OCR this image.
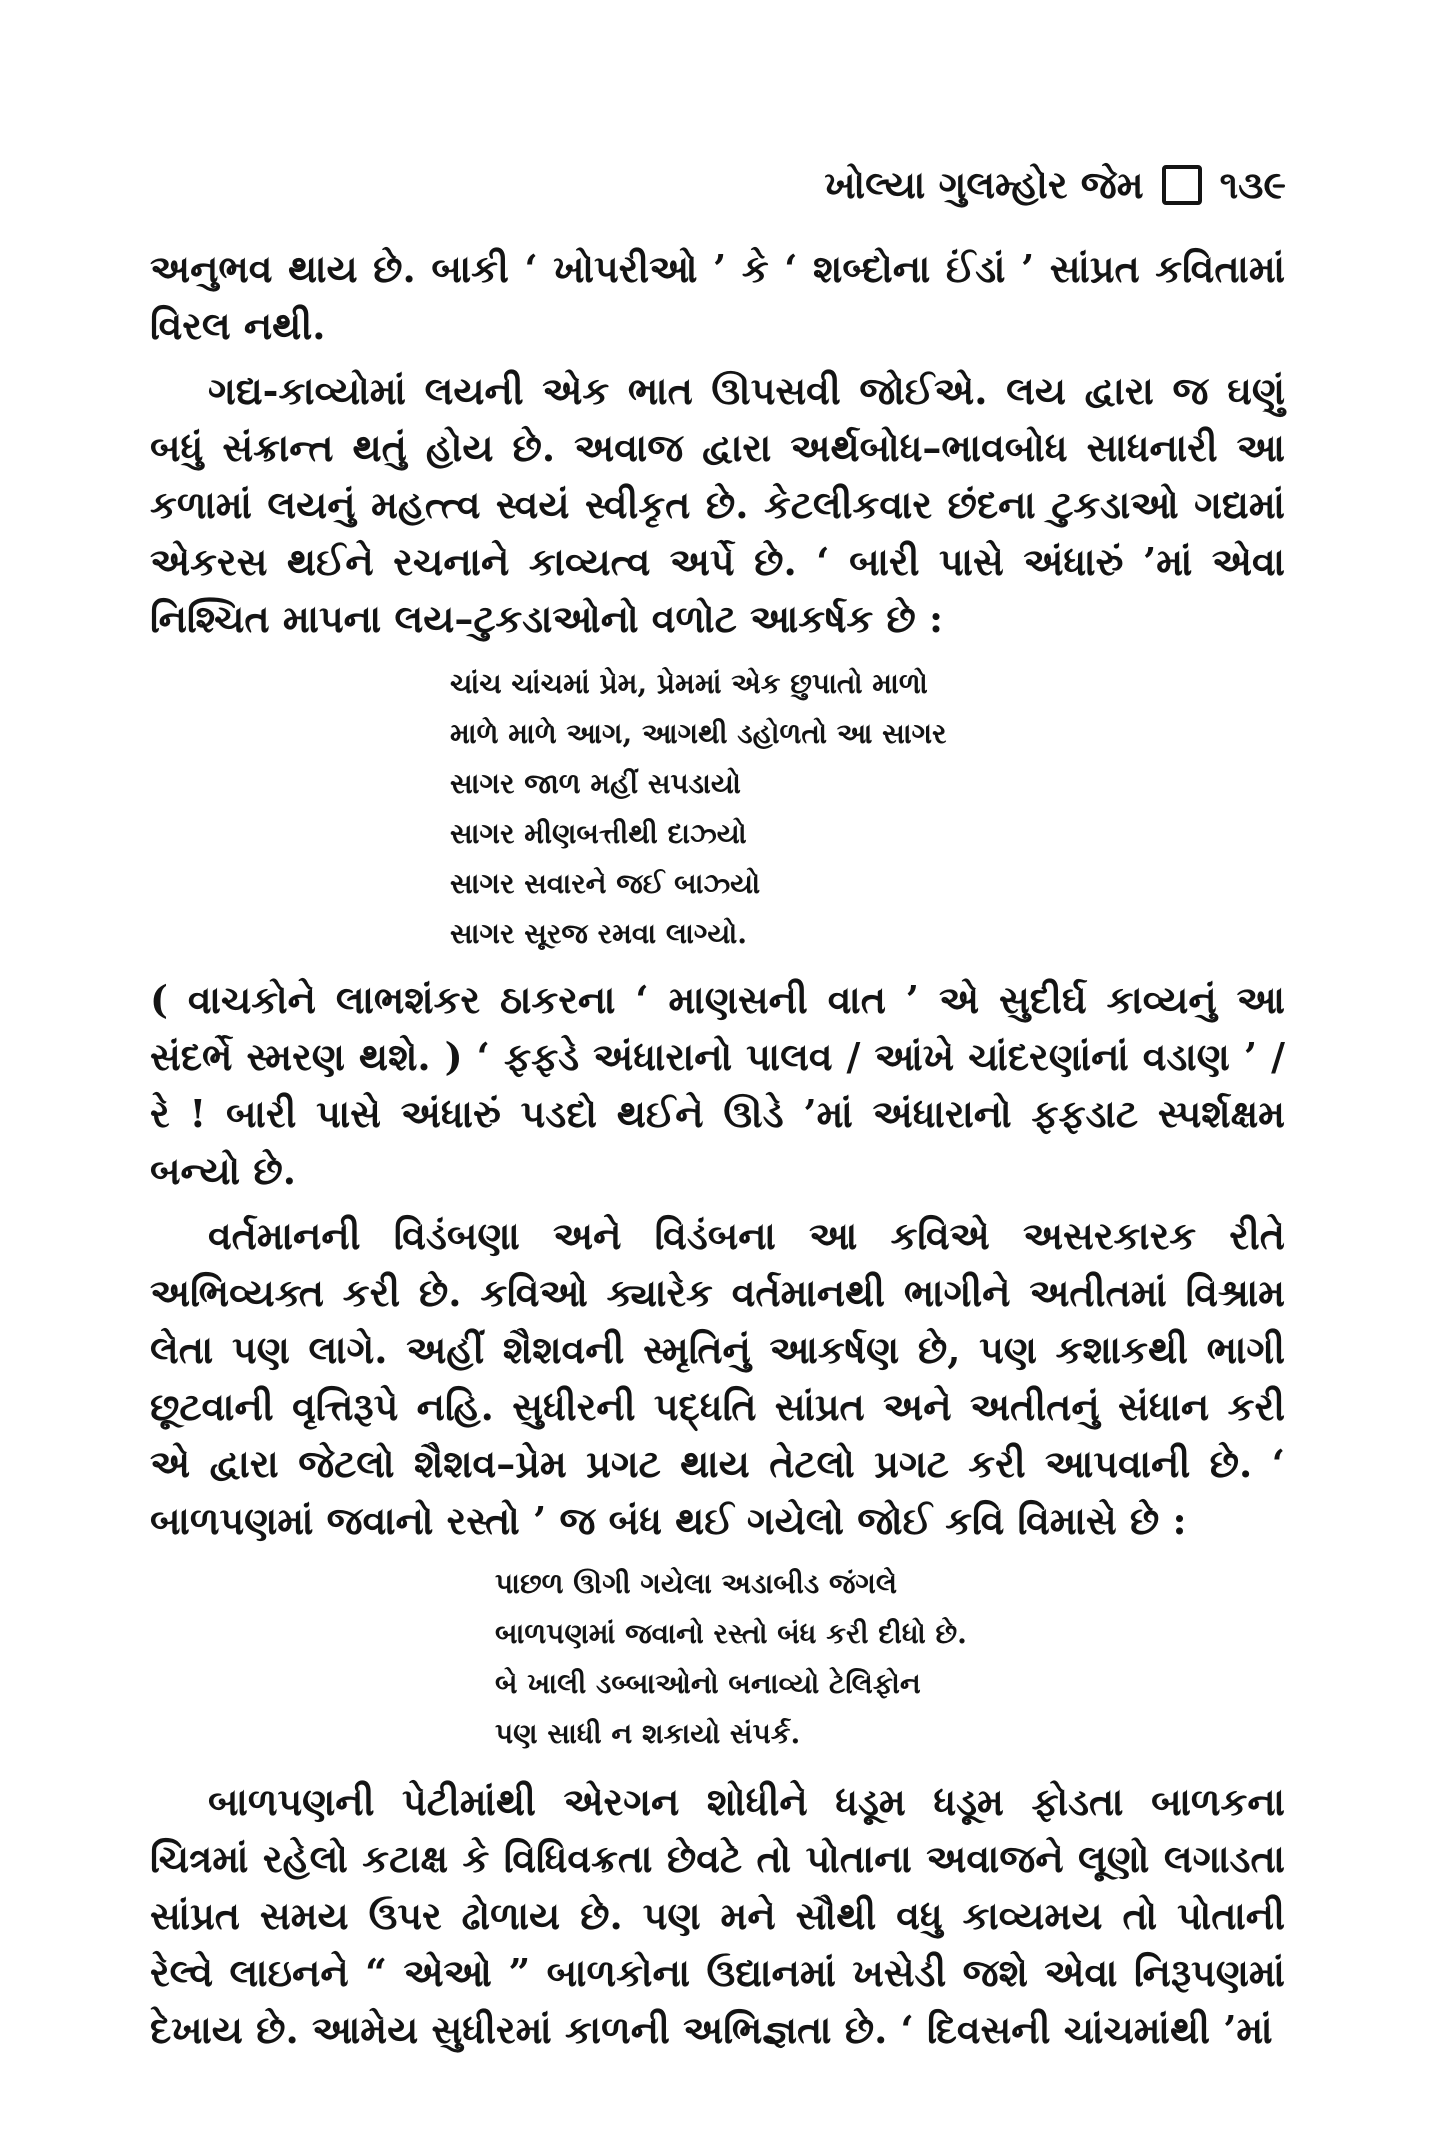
ખોલ્યા ગુલમ્હોર જેમ ૧૩૯

અનુભવ થાય છે. બાકી ‘ ખોપરીઓ ’ કે ‘ શબ્દોના ઈંડાં ’ સાંપ્રત કવિતામાં વિરલ નથી.

ગદ્ય-કાવ્યોમાં લયની એક ભાત ઊપસવી જોઈએ. લય દ્વારા જ ઘણું બધું સંક્રાન્ત થતું હોય છે. અવાજ દ્વારા અર્થબોધ–ભાવબોધ સાધનારી આ કળામાં લયનું મહત્ત્વ સ્વયં સ્વીકૃત છે. કેટલીકવાર છંદના ટુકડાઓ ગદ્યમાં એકરસ થઈને રચનાને કાવ્યત્વ અર્પે છે. ‘ બારી પાસે અંધારું ’માં એવા નિશ્ચિત માપના લય–ટુકડાઓનો વળોટ આકર્ષક છે :

ચાંચ ચાંચમાં પ્રેમ, પ્રેમમાં એક છુપાતો માળો
માળે માળે આગ, આગથી ડહોળતો આ સાગર
સાગર જાળ મહીં સપડાયો
સાગર મીણબત્તીથી દાઝ્યો
સાગર સવારને જઈ બાઝ્યો
સાગર સૂરજ રમવા લાગ્યો.

( વાચકોને લાભશંકર ઠાકરના ‘ માણસની વાત ’ એ સુદીર્ઘ કાવ્યનું આ સંદર્ભે સ્મરણ થશે. ) ‘ ફફડે અંધારાનો પાલવ / આંખે ચાંદરણાંનાં વડાણ ’ / રે ! બારી પાસે અંધારું પડદો થઈને ઊડે ’માં અંધારાનો ફફડાટ સ્પર્શક્ષમ બન્યો છે.

વર્તમાનની વિડંબણા અને વિડંબના આ કવિએ અસરકારક રીતે અભિવ્યક્ત કરી છે. કવિઓ ક્યારેક વર્તમાનથી ભાગીને અતીતમાં વિશ્રામ લેતા પણ લાગે. અહીં શૈશવની સ્મૃતિનું આકર્ષણ છે, પણ કશાકથી ભાગી છૂટવાની વૃત્તિરૂપે નહિ. સુધીરની પદ્ધતિ સાંપ્રત અને અતીતનું સંધાન કરી એ દ્વારા જેટલો શૈશવ–પ્રેમ પ્રગટ થાય તેટલો પ્રગટ કરી આપવાની છે. ‘ બાળપણમાં જવાનો રસ્તો ’ જ બંધ થઈ ગયેલો જોઈ કવિ વિમાસે છે :

પાછળ ઊગી ગયેલા અડાબીડ જંગલે
બાળપણમાં જવાનો રસ્તો બંધ કરી દીધો છે.
બે ખાલી ડબ્બાઓનો બનાવ્યો ટેલિફોન
પણ સાધી ન શકાયો સંપર્ક.

બાળપણની પેટીમાંથી એરગન શોધીને ધડૂમ ધડૂમ ફોડતા બાળકના ચિત્રમાં રહેલો કટાક્ષ કે વિધિવક્રતા છેવટે તો પોતાના અવાજને લૂણો લગાડતા સાંપ્રત સમય ઉપર ઢોળાય છે. પણ મને સૌથી વધુ કાવ્યમય તો પોતાની રેલ્વે લાઇનને “ એઓ ” બાળકોના ઉદ્યાનમાં ખસેડી જશે એવા નિરૂપણમાં દેખાય છે. આમેય સુધીરમાં કાળની અભિજ્ઞતા છે. ‘ દિવસની ચાંચમાંથી ’માં
